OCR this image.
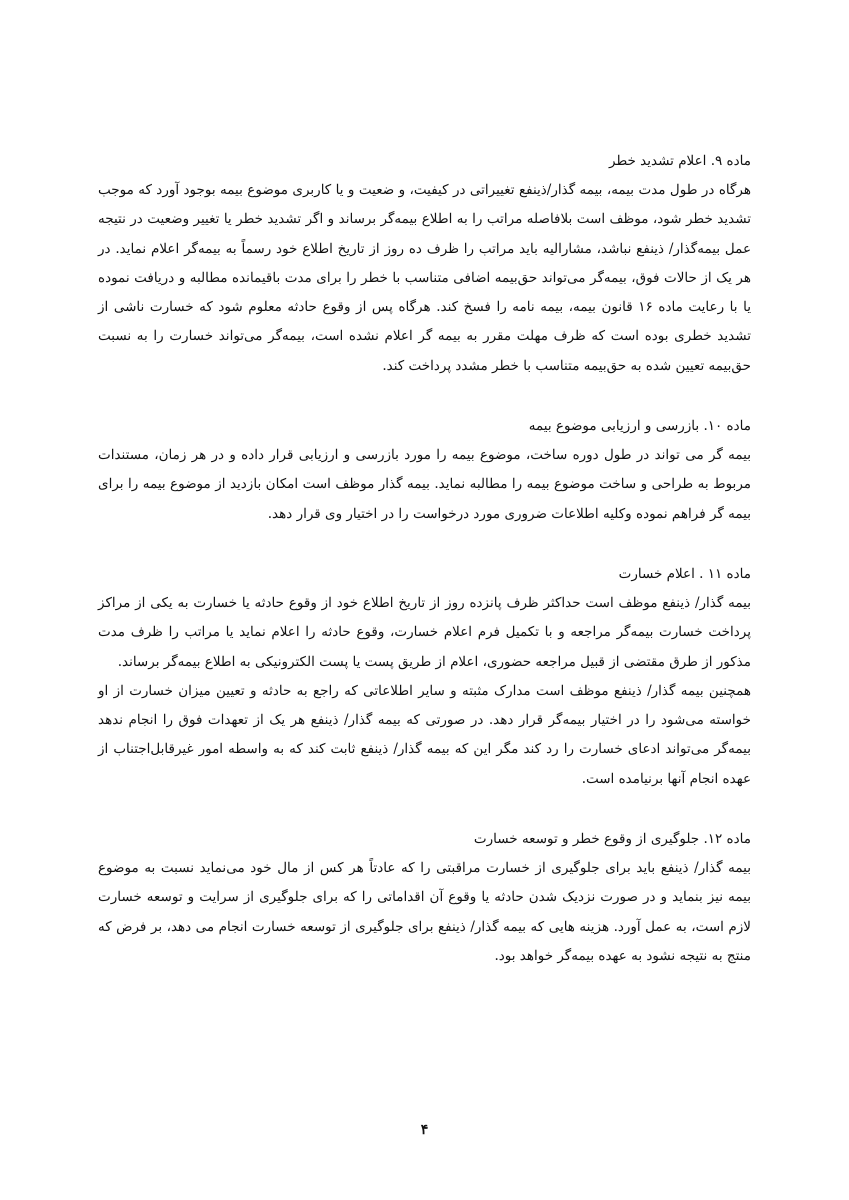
ماده ۹. اعلام تشدید خطر

هرگاه در طول مدت بیمه، بیمه گذار/ذینفع تغییراتی در کیفیت، و ضعیت و یا کاربری موضوع بیمه بوجود آورد که موجب تشدید خطر شود، موظف است بلافاصله مراتب را به اطلاع بیمه‌گر برساند و اگر تشدید خطر یا تغییر وضعیت در نتیجه عمل بیمه‌گذار/ ذینفع نباشد، مشارالیه باید مراتب را ظرف ده روز از تاریخ اطلاع خود رسماً به بیمه‌گر اعلام نماید. در هر یک از حالات فوق، بیمه‌گر می‌تواند حق‌بیمه اضافی متناسب با خطر را برای مدت باقیمانده مطالبه و دریافت نموده یا با رعایت ماده ۱۶ قانون بیمه، بیمه نامه را فسخ کند. هرگاه پس از وقوع حادثه معلوم شود که خسارت ناشی از تشدید خطری بوده است که ظرف مهلت مقرر به بیمه گر اعلام نشده است، بیمه‌گر می‌تواند خسارت را به نسبت حق‌بیمه تعیین شده به حق‌بیمه متناسب با خطر مشدد پرداخت کند.

ماده ۱۰. بازرسی و ارزیابی موضوع بیمه

بیمه گر می تواند در طول دوره ساخت، موضوع بیمه را مورد بازرسی و ارزیابی قرار داده و در هر زمان، مستندات مربوط به طراحی و ساخت موضوع بیمه را مطالبه نماید. بیمه گذار موظف است امکان بازدید از موضوع بیمه را برای بیمه گر فراهم نموده وکلیه اطلاعات ضروری مورد درخواست را در اختیار وی قرار دهد.

ماده ۱۱ . اعلام خسارت

بیمه گذار/ ذینفع موظف است حداکثر ظرف پانزده روز از تاریخ اطلاع خود از وقوع حادثه یا خسارت به یکی از مراکز پرداخت خسارت بیمه‌گر مراجعه و با تکمیل فرم اعلام خسارت، وقوع حادثه را اعلام نماید یا مراتب را ظرف مدت مذکور از طرق مقتضی از قبیل مراجعه حضوری، اعلام از طریق پست یا پست الکترونیکی به اطلاع بیمه‌گر برساند.

همچنین بیمه گذار/ ذینفع موظف است مدارک مثبته و سایر اطلاعاتی که راجع به حادثه و تعیین میزان خسارت از او خواسته می‌شود را در اختیار بیمه‌گر قرار دهد. در صورتی که بیمه گذار/ ذینفع هر یک از تعهدات فوق را انجام ندهد بیمه‌گر می‌تواند ادعای خسارت را رد کند مگر این که بیمه گذار/ ذینفع ثابت کند که به واسطه امور غیرقابل‌اجتناب از عهده انجام آنها برنیامده است.

ماده ۱۲. جلوگیری از وقوع خطر و توسعه خسارت

بیمه گذار/ ذینفع باید برای جلوگیری از خسارت مراقبتی را که عادتاً هر کس از مال خود می‌نماید نسبت به موضوع بیمه نیز بنماید و در صورت نزدیک شدن حادثه یا وقوع آن اقداماتی را که برای جلوگیری از سرایت و توسعه خسارت لازم است، به عمل آورد. هزینه هایی که بیمه گذار/ ذینفع برای جلوگیری از توسعه خسارت انجام می دهد، بر فرض که منتج به نتیجه نشود به عهده بیمه‌گر خواهد بود.

۴
